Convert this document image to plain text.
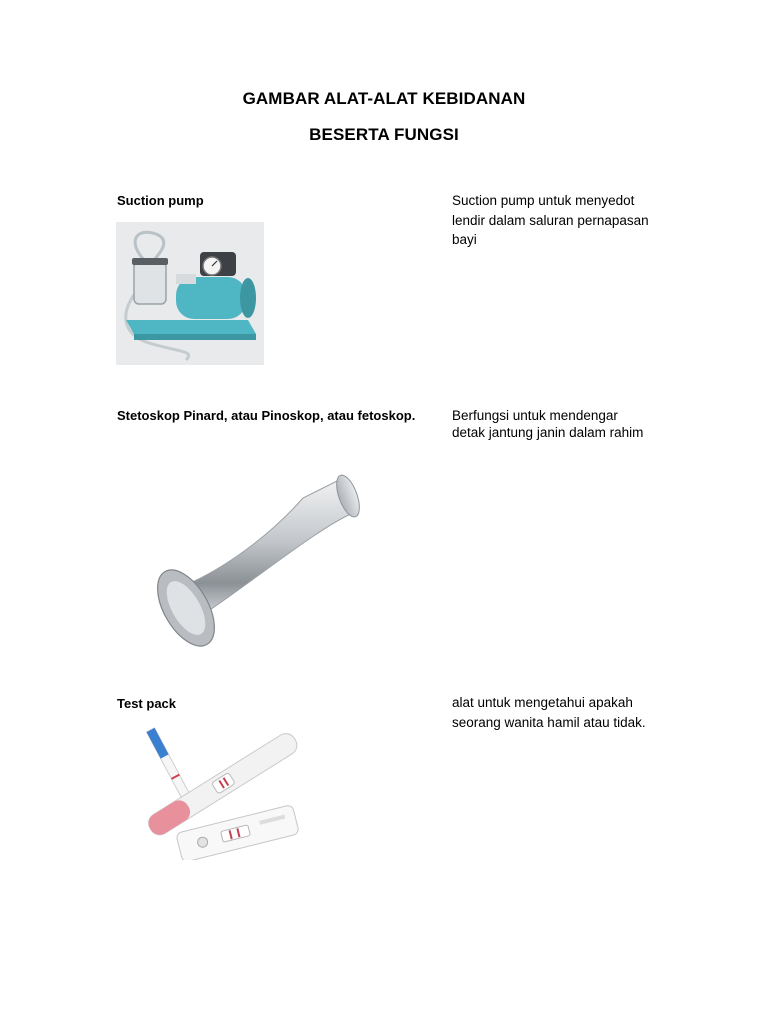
GAMBAR ALAT-ALAT KEBIDANAN
BESERTA FUNGSI
Suction pump	Suction pump untuk menyedot lendir dalam saluran pernapasan bayi
Stetoskop Pinard, atau Pinoskop, atau fetoskop.	Berfungsi untuk mendengar detak jantung janin dalam rahim
Test pack	alat untuk mengetahui apakah seorang wanita hamil atau tidak.
